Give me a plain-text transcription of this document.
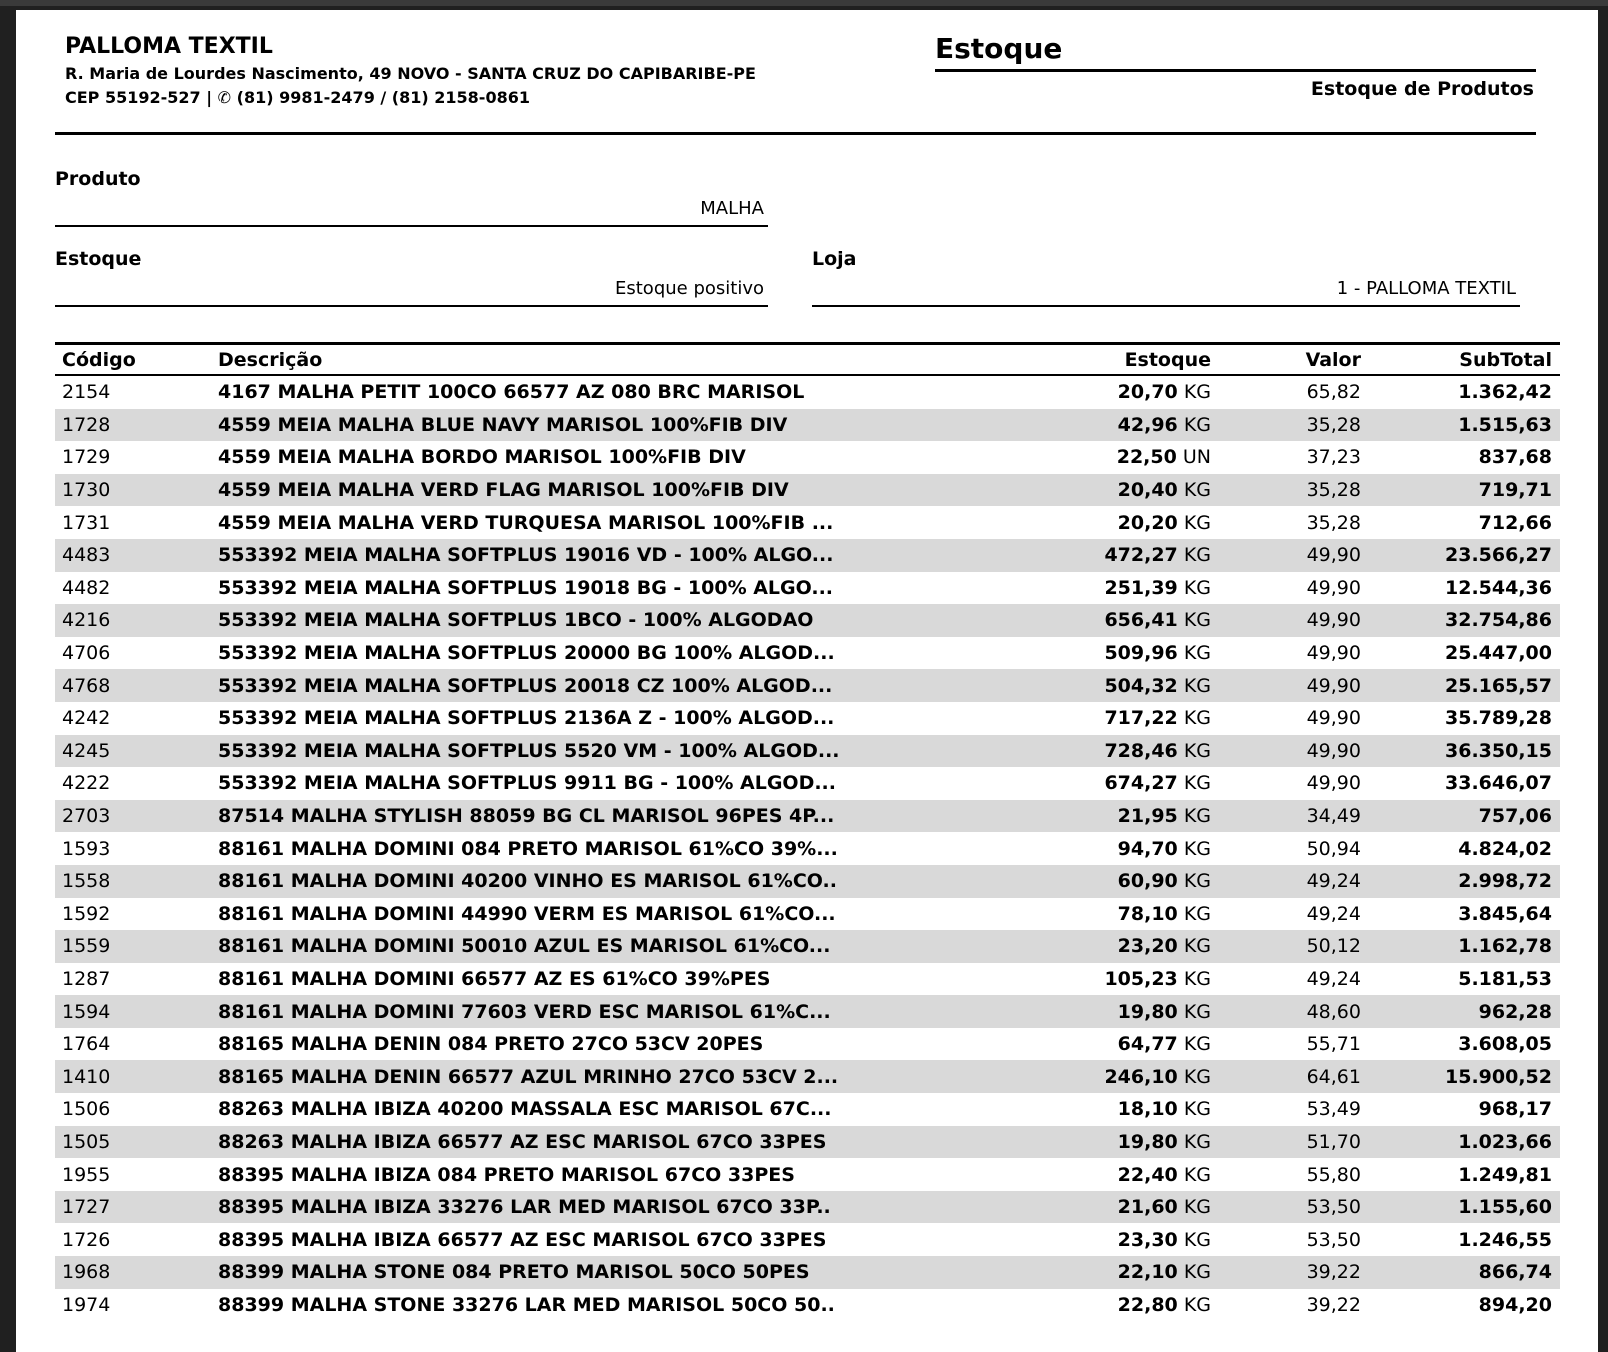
PALLOMA TEXTIL
R. Maria de Lourdes Nascimento, 49 NOVO - SANTA CRUZ DO CAPIBARIBE-PE
CEP 55192-527 | ✆ (81) 9981-2479 / (81) 2158-0861
Estoque
Estoque de Produtos
Produto
MALHA
Estoque
Estoque positivo
Loja
1 - PALLOMA TEXTIL
Código	Descrição	Estoque	Valor	SubTotal
2154	4167 MALHA PETIT 100CO 66577 AZ 080 BRC MARISOL	20,70 KG	65,82	1.362,42
1728	4559 MEIA MALHA BLUE NAVY MARISOL 100%FIB DIV	42,96 KG	35,28	1.515,63
1729	4559 MEIA MALHA BORDO MARISOL 100%FIB DIV	22,50 UN	37,23	837,68
1730	4559 MEIA MALHA VERD FLAG MARISOL 100%FIB DIV	20,40 KG	35,28	719,71
1731	4559 MEIA MALHA VERD TURQUESA MARISOL 100%FIB ...	20,20 KG	35,28	712,66
4483	553392 MEIA MALHA SOFTPLUS 19016 VD - 100% ALGO...	472,27 KG	49,90	23.566,27
4482	553392 MEIA MALHA SOFTPLUS 19018 BG - 100% ALGO...	251,39 KG	49,90	12.544,36
4216	553392 MEIA MALHA SOFTPLUS 1BCO - 100% ALGODAO	656,41 KG	49,90	32.754,86
4706	553392 MEIA MALHA SOFTPLUS 20000 BG 100% ALGOD...	509,96 KG	49,90	25.447,00
4768	553392 MEIA MALHA SOFTPLUS 20018 CZ 100% ALGOD...	504,32 KG	49,90	25.165,57
4242	553392 MEIA MALHA SOFTPLUS 2136A Z - 100% ALGOD...	717,22 KG	49,90	35.789,28
4245	553392 MEIA MALHA SOFTPLUS 5520 VM - 100% ALGOD...	728,46 KG	49,90	36.350,15
4222	553392 MEIA MALHA SOFTPLUS 9911 BG - 100% ALGOD...	674,27 KG	49,90	33.646,07
2703	87514 MALHA STYLISH 88059 BG CL MARISOL 96PES 4P...	21,95 KG	34,49	757,06
1593	88161 MALHA DOMINI 084 PRETO MARISOL 61%CO 39%...	94,70 KG	50,94	4.824,02
1558	88161 MALHA DOMINI 40200 VINHO ES MARISOL 61%CO..	60,90 KG	49,24	2.998,72
1592	88161 MALHA DOMINI 44990 VERM ES MARISOL 61%CO...	78,10 KG	49,24	3.845,64
1559	88161 MALHA DOMINI 50010 AZUL ES MARISOL 61%CO...	23,20 KG	50,12	1.162,78
1287	88161 MALHA DOMINI 66577 AZ ES 61%CO 39%PES	105,23 KG	49,24	5.181,53
1594	88161 MALHA DOMINI 77603 VERD ESC MARISOL 61%C...	19,80 KG	48,60	962,28
1764	88165 MALHA DENIN 084 PRETO 27CO 53CV 20PES	64,77 KG	55,71	3.608,05
1410	88165 MALHA DENIN 66577 AZUL MRINHO 27CO 53CV 2...	246,10 KG	64,61	15.900,52
1506	88263 MALHA IBIZA 40200 MASSALA ESC MARISOL 67C...	18,10 KG	53,49	968,17
1505	88263 MALHA IBIZA 66577 AZ ESC MARISOL 67CO 33PES	19,80 KG	51,70	1.023,66
1955	88395 MALHA IBIZA 084 PRETO MARISOL 67CO 33PES	22,40 KG	55,80	1.249,81
1727	88395 MALHA IBIZA 33276 LAR MED MARISOL 67CO 33P..	21,60 KG	53,50	1.155,60
1726	88395 MALHA IBIZA 66577 AZ ESC MARISOL 67CO 33PES	23,30 KG	53,50	1.246,55
1968	88399 MALHA STONE 084 PRETO MARISOL 50CO 50PES	22,10 KG	39,22	866,74
1974	88399 MALHA STONE 33276 LAR MED MARISOL 50CO 50..	22,80 KG	39,22	894,20
